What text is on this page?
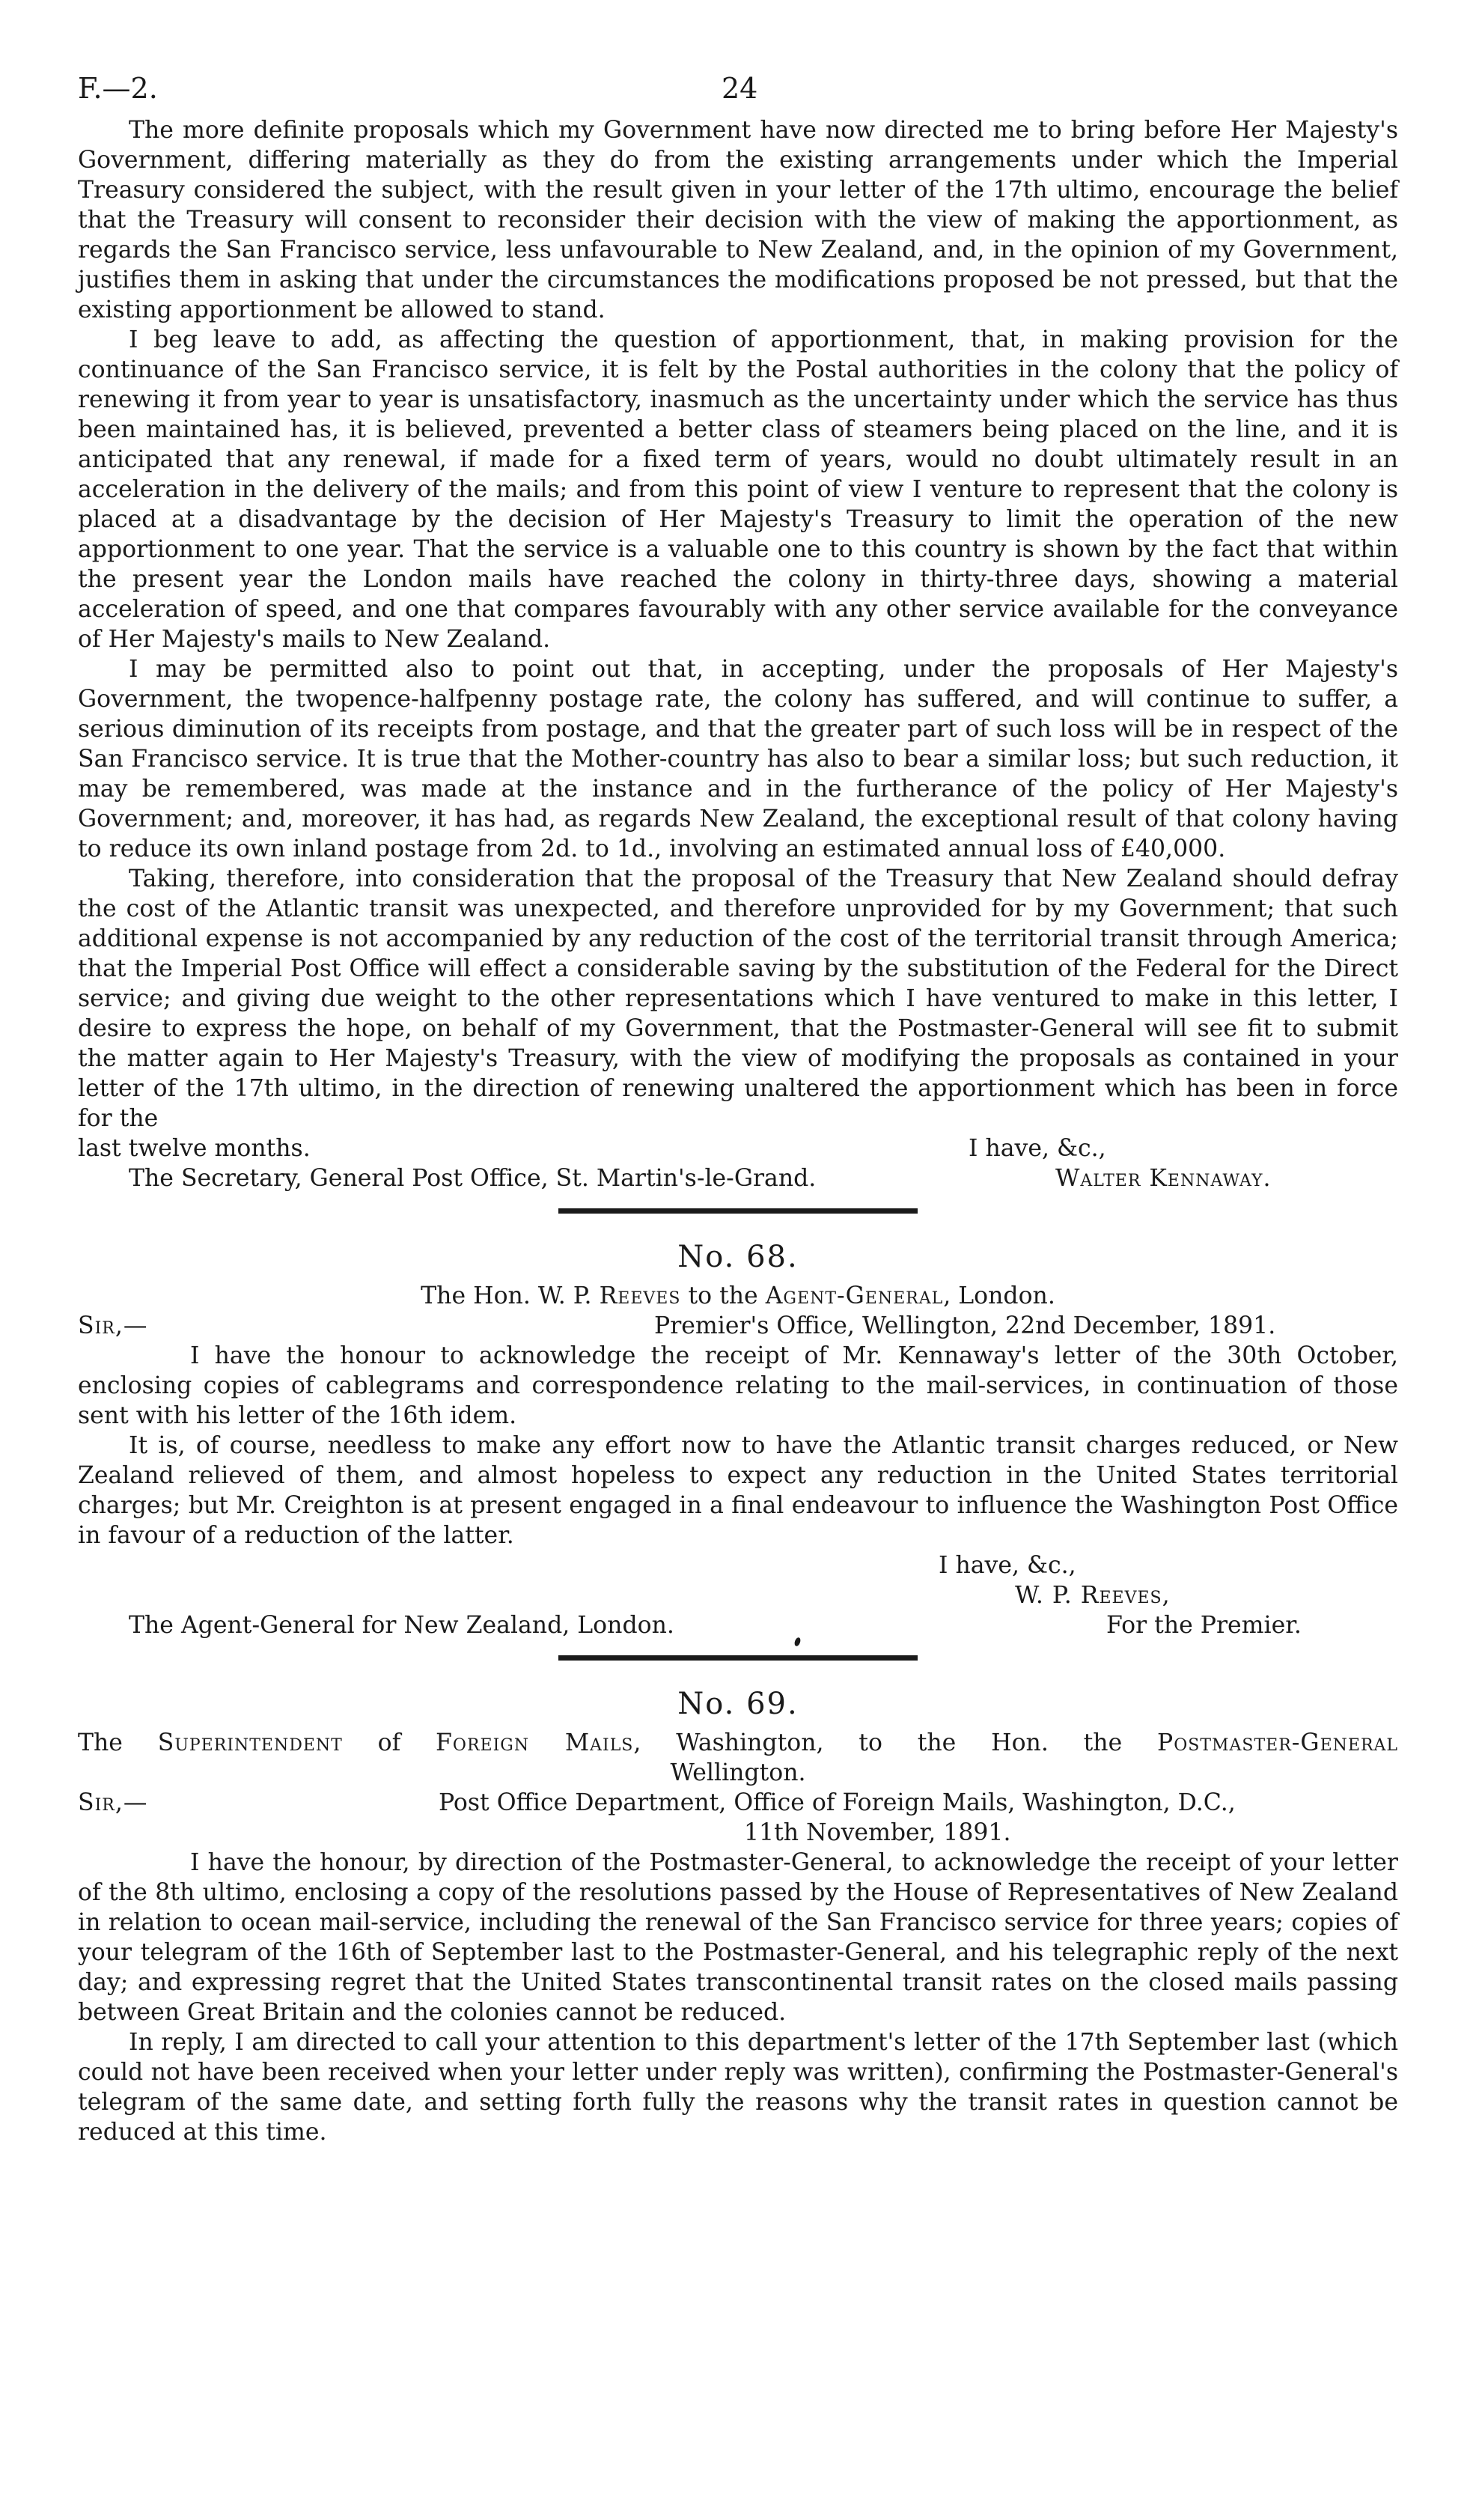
F.—2.	24

The more definite proposals which my Government have now directed me to bring before Her Majesty's Government, differing materially as they do from the existing arrangements under which the Imperial Treasury considered the subject, with the result given in your letter of the 17th ultimo, encourage the belief that the Treasury will consent to reconsider their decision with the view of making the apportionment, as regards the San Francisco service, less unfavourable to New Zealand, and, in the opinion of my Government, justifies them in asking that under the circumstances the modifications proposed be not pressed, but that the existing apportionment be allowed to stand.

I beg leave to add, as affecting the question of apportionment, that, in making provision for the continuance of the San Francisco service, it is felt by the Postal authorities in the colony that the policy of renewing it from year to year is unsatisfactory, inasmuch as the uncertainty under which the service has thus been maintained has, it is believed, prevented a better class of steamers being placed on the line, and it is anticipated that any renewal, if made for a fixed term of years, would no doubt ultimately result in an acceleration in the delivery of the mails; and from this point of view I venture to represent that the colony is placed at a disadvantage by the decision of Her Majesty's Treasury to limit the operation of the new apportionment to one year. That the service is a valuable one to this country is shown by the fact that within the present year the London mails have reached the colony in thirty-three days, showing a material acceleration of speed, and one that compares favourably with any other service available for the conveyance of Her Majesty's mails to New Zealand.

I may be permitted also to point out that, in accepting, under the proposals of Her Majesty's Government, the twopence-halfpenny postage rate, the colony has suffered, and will continue to suffer, a serious diminution of its receipts from postage, and that the greater part of such loss will be in respect of the San Francisco service. It is true that the Mother-country has also to bear a similar loss; but such reduction, it may be remembered, was made at the instance and in the furtherance of the policy of Her Majesty's Government; and, moreover, it has had, as regards New Zealand, the exceptional result of that colony having to reduce its own inland postage from 2d. to 1d., involving an estimated annual loss of £40,000.

Taking, therefore, into consideration that the proposal of the Treasury that New Zealand should defray the cost of the Atlantic transit was unexpected, and therefore unprovided for by my Government; that such additional expense is not accompanied by any reduction of the cost of the territorial transit through America; that the Imperial Post Office will effect a considerable saving by the substitution of the Federal for the Direct service; and giving due weight to the other representations which I have ventured to make in this letter, I desire to express the hope, on behalf of my Government, that the Postmaster-General will see fit to submit the matter again to Her Majesty's Treasury, with the view of modifying the proposals as contained in your letter of the 17th ultimo, in the direction of renewing unaltered the apportionment which has been in force for the

last twelve months.	I have, &c.,
The Secretary, General Post Office, St. Martin's-le-Grand.	Walter Kennaway.
No. 68.
The Hon. W. P. Reeves to the Agent-General, London.
Sir,—	Premier's Office, Wellington, 22nd December, 1891.

I have the honour to acknowledge the receipt of Mr. Kennaway's letter of the 30th October, enclosing copies of cablegrams and correspondence relating to the mail-services, in continuation of those sent with his letter of the 16th idem.

It is, of course, needless to make any effort now to have the Atlantic transit charges reduced, or New Zealand relieved of them, and almost hopeless to expect any reduction in the United States territorial charges; but Mr. Creighton is at present engaged in a final endeavour to influence the Washington Post Office in favour of a reduction of the latter.

I have, &c.,
W. P. Reeves,
The Agent-General for New Zealand, London.	For the Premier.
No. 69.
The Superintendent of Foreign Mails, Washington, to the Hon. the Postmaster-General
Wellington.
Sir,—	Post Office Department, Office of Foreign Mails, Washington, D.C.,
11th November, 1891.

I have the honour, by direction of the Postmaster-General, to acknowledge the receipt of your letter of the 8th ultimo, enclosing a copy of the resolutions passed by the House of Representatives of New Zealand in relation to ocean mail-service, including the renewal of the San Francisco service for three years; copies of your telegram of the 16th of September last to the Postmaster-General, and his telegraphic reply of the next day; and expressing regret that the United States transcontinental transit rates on the closed mails passing between Great Britain and the colonies cannot be reduced.

In reply, I am directed to call your attention to this department's letter of the 17th September last (which could not have been received when your letter under reply was written), confirming the Postmaster-General's telegram of the same date, and setting forth fully the reasons why the transit rates in question cannot be reduced at this time.
